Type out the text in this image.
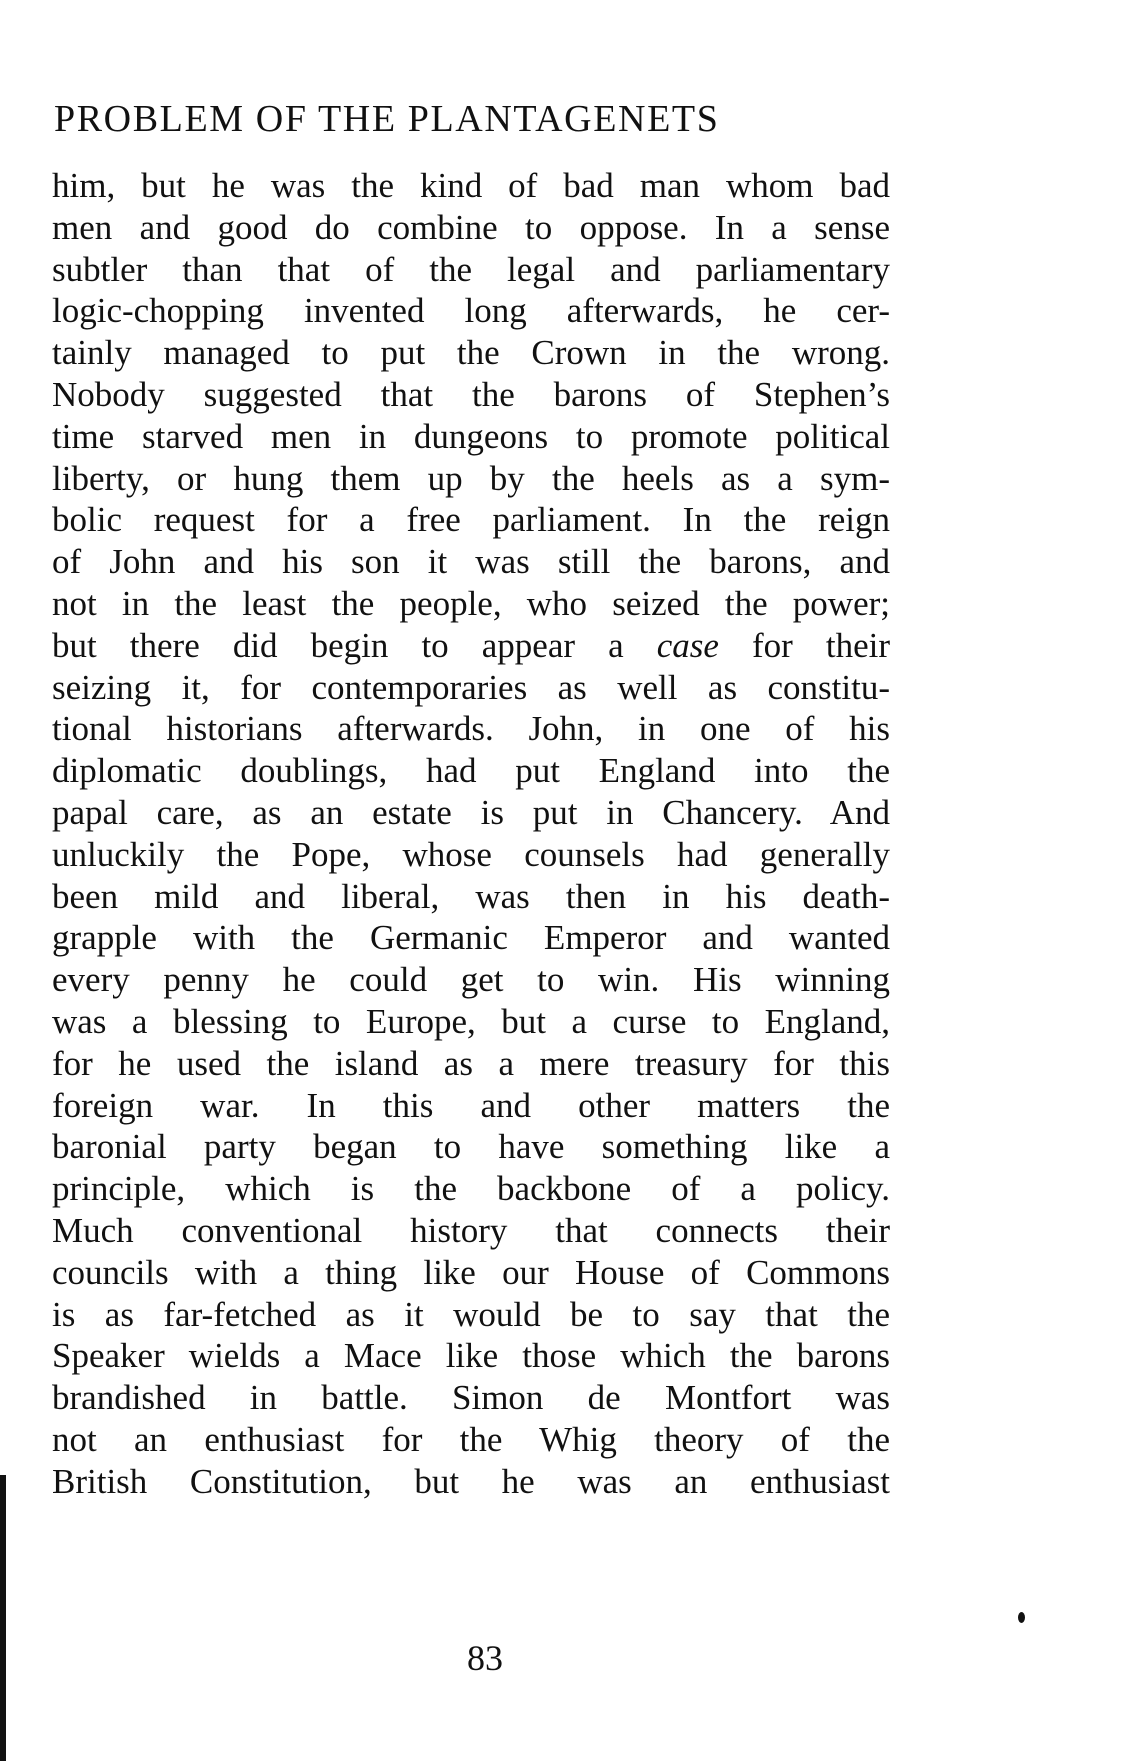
PROBLEM OF THE PLANTAGENETS
him, but he was the kind of bad man whom bad
men and good do combine to oppose. In a sense
subtler than that of the legal and parliamentary
logic-chopping invented long afterwards, he cer-
tainly managed to put the Crown in the wrong.
Nobody suggested that the barons of Stephen’s
time starved men in dungeons to promote political
liberty, or hung them up by the heels as a sym-
bolic request for a free parliament. In the reign
of John and his son it was still the barons, and
not in the least the people, who seized the power;
but there did begin to appear a case for their
seizing it, for contemporaries as well as constitu-
tional historians afterwards. John, in one of his
diplomatic doublings, had put England into the
papal care, as an estate is put in Chancery. And
unluckily the Pope, whose counsels had generally
been mild and liberal, was then in his death-
grapple with the Germanic Emperor and wanted
every penny he could get to win. His winning
was a blessing to Europe, but a curse to England,
for he used the island as a mere treasury for this
foreign war. In this and other matters the
baronial party began to have something like a
principle, which is the backbone of a policy.
Much conventional history that connects their
councils with a thing like our House of Commons
is as far-fetched as it would be to say that the
Speaker wields a Mace like those which the barons
brandished in battle. Simon de Montfort was
not an enthusiast for the Whig theory of the
British Constitution, but he was an enthusiast
83
